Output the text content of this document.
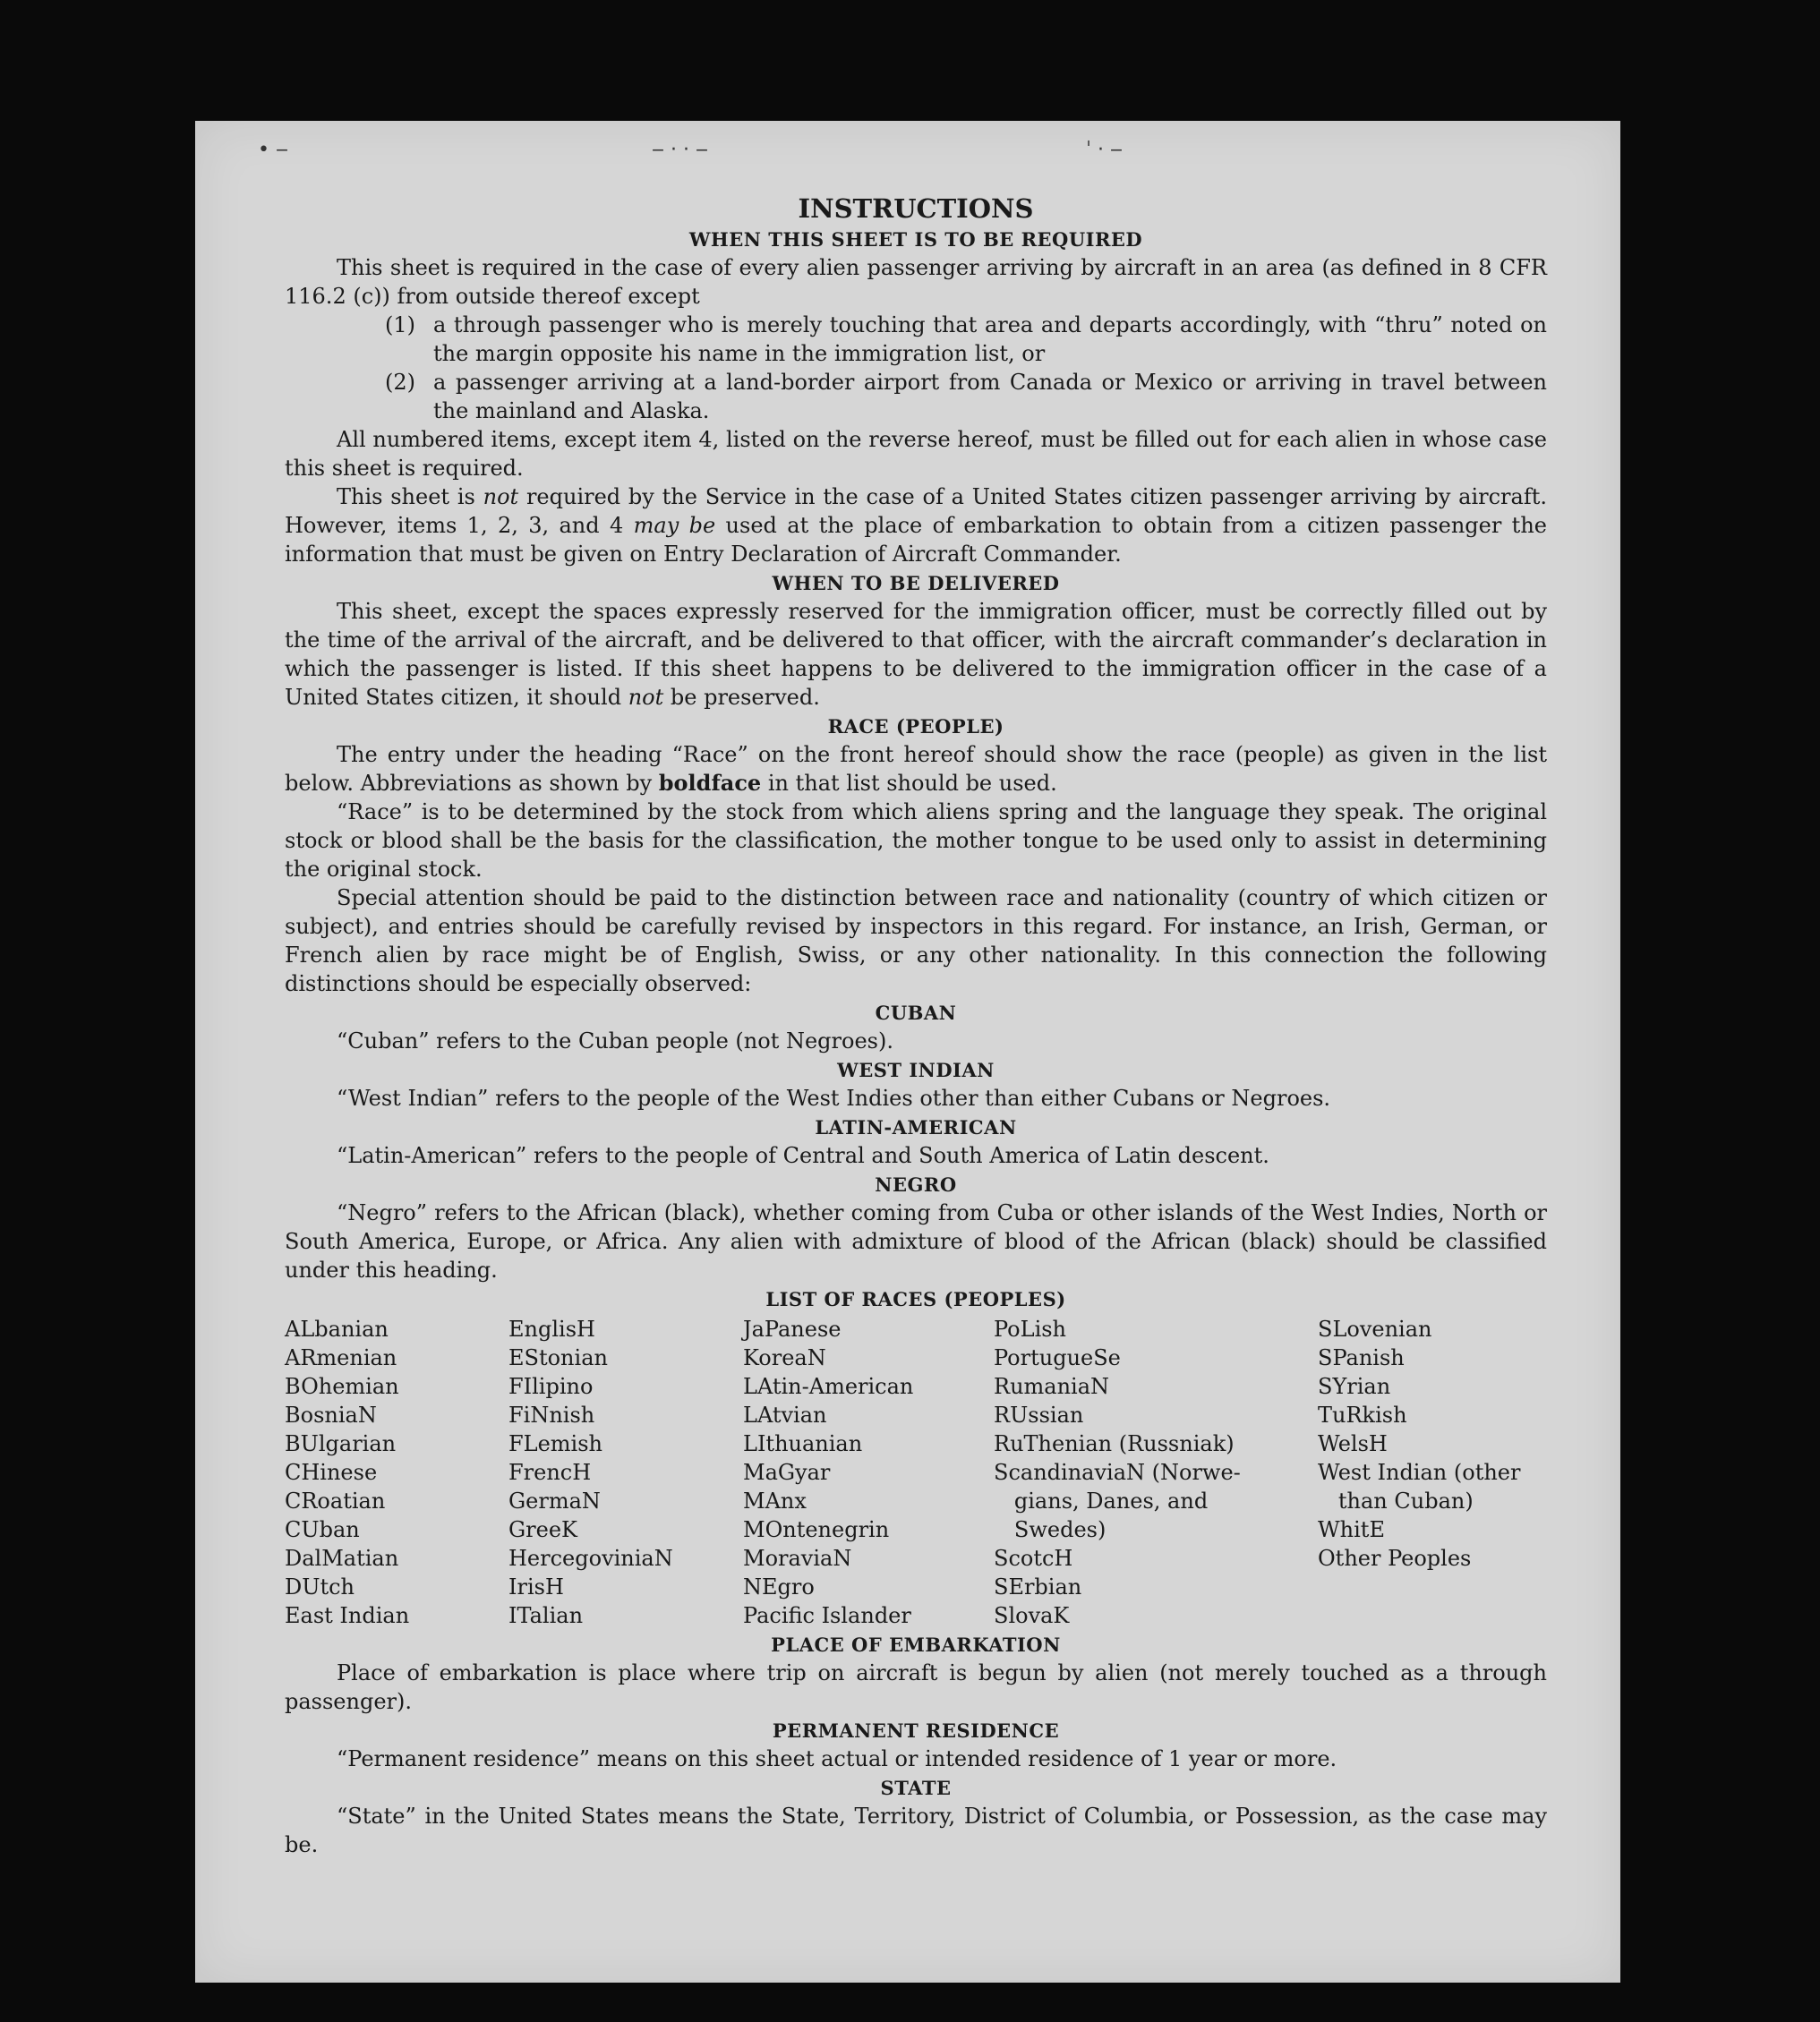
• ‒	‒ · · ‒	ˈ · ‒
INSTRUCTIONS
WHEN THIS SHEET IS TO BE REQUIRED

This sheet is required in the case of every alien passenger arriving by aircraft in an area (as defined in 8 CFR 116.2 (c)) from outside thereof except

(1) a through passenger who is merely touching that area and departs accordingly, with “thru” noted on the margin opposite his name in the immigration list, or
(2) a passenger arriving at a land-border airport from Canada or Mexico or arriving in travel between the mainland and Alaska.

All numbered items, except item 4, listed on the reverse hereof, must be filled out for each alien in whose case this sheet is required.

This sheet is not required by the Service in the case of a United States citizen passenger arriving by aircraft. However, items 1, 2, 3, and 4 may be used at the place of embarkation to obtain from a citizen passenger the information that must be given on Entry Declaration of Aircraft Commander.

WHEN TO BE DELIVERED

This sheet, except the spaces expressly reserved for the immigration officer, must be correctly filled out by the time of the arrival of the aircraft, and be delivered to that officer, with the aircraft commander’s declaration in which the passenger is listed. If this sheet happens to be delivered to the immigration officer in the case of a United States citizen, it should not be preserved.

RACE (PEOPLE)

The entry under the heading “Race” on the front hereof should show the race (people) as given in the list below. Abbreviations as shown by boldface in that list should be used.

“Race” is to be determined by the stock from which aliens spring and the language they speak. The original stock or blood shall be the basis for the classification, the mother tongue to be used only to assist in determining the original stock.

Special attention should be paid to the distinction between race and nationality (country of which citizen or subject), and entries should be carefully revised by inspectors in this regard. For instance, an Irish, German, or French alien by race might be of English, Swiss, or any other nationality. In this connection the following distinctions should be especially observed:

CUBAN

“Cuban” refers to the Cuban people (not Negroes).

WEST INDIAN

“West Indian” refers to the people of the West Indies other than either Cubans or Negroes.

LATIN-AMERICAN

“Latin-American” refers to the people of Central and South America of Latin descent.

NEGRO

“Negro” refers to the African (black), whether coming from Cuba or other islands of the West Indies, North or South America, Europe, or Africa. Any alien with admixture of blood of the African (black) should be classified under this heading.

LIST OF RACES (PEOPLES)
ALbanian
ARmenian
BOhemian
BosniaN
BUlgarian
CHinese
CRoatian
CUban
DalMatian
DUtch
East Indian
EnglisH
EStonian
FIlipino
FiNnish
FLemish
FrencH
GermaN
GreeK
HercegoviniaN
IrisH
ITalian
JaPanese
KoreaN
LAtin-American
LAtvian
LIthuanian
MaGyar
MAnx
MOntenegrin
MoraviaN
NEgro
Pacific Islander
PoLish
PortugueSe
RumaniaN
RUssian
RuThenian (Russniak)
ScandinaviaN (Norwe-
gians, Danes, and
Swedes)
ScotcH
SErbian
SlovaK
SLovenian
SPanish
SYrian
TuRkish
WelsH
West Indian (other
than Cuban)
WhitE
Other Peoples
PLACE OF EMBARKATION

Place of embarkation is place where trip on aircraft is begun by alien (not merely touched as a through passenger).

PERMANENT RESIDENCE

“Permanent residence” means on this sheet actual or intended residence of 1 year or more.

STATE

“State” in the United States means the State, Territory, District of Columbia, or Possession, as the case may be.
